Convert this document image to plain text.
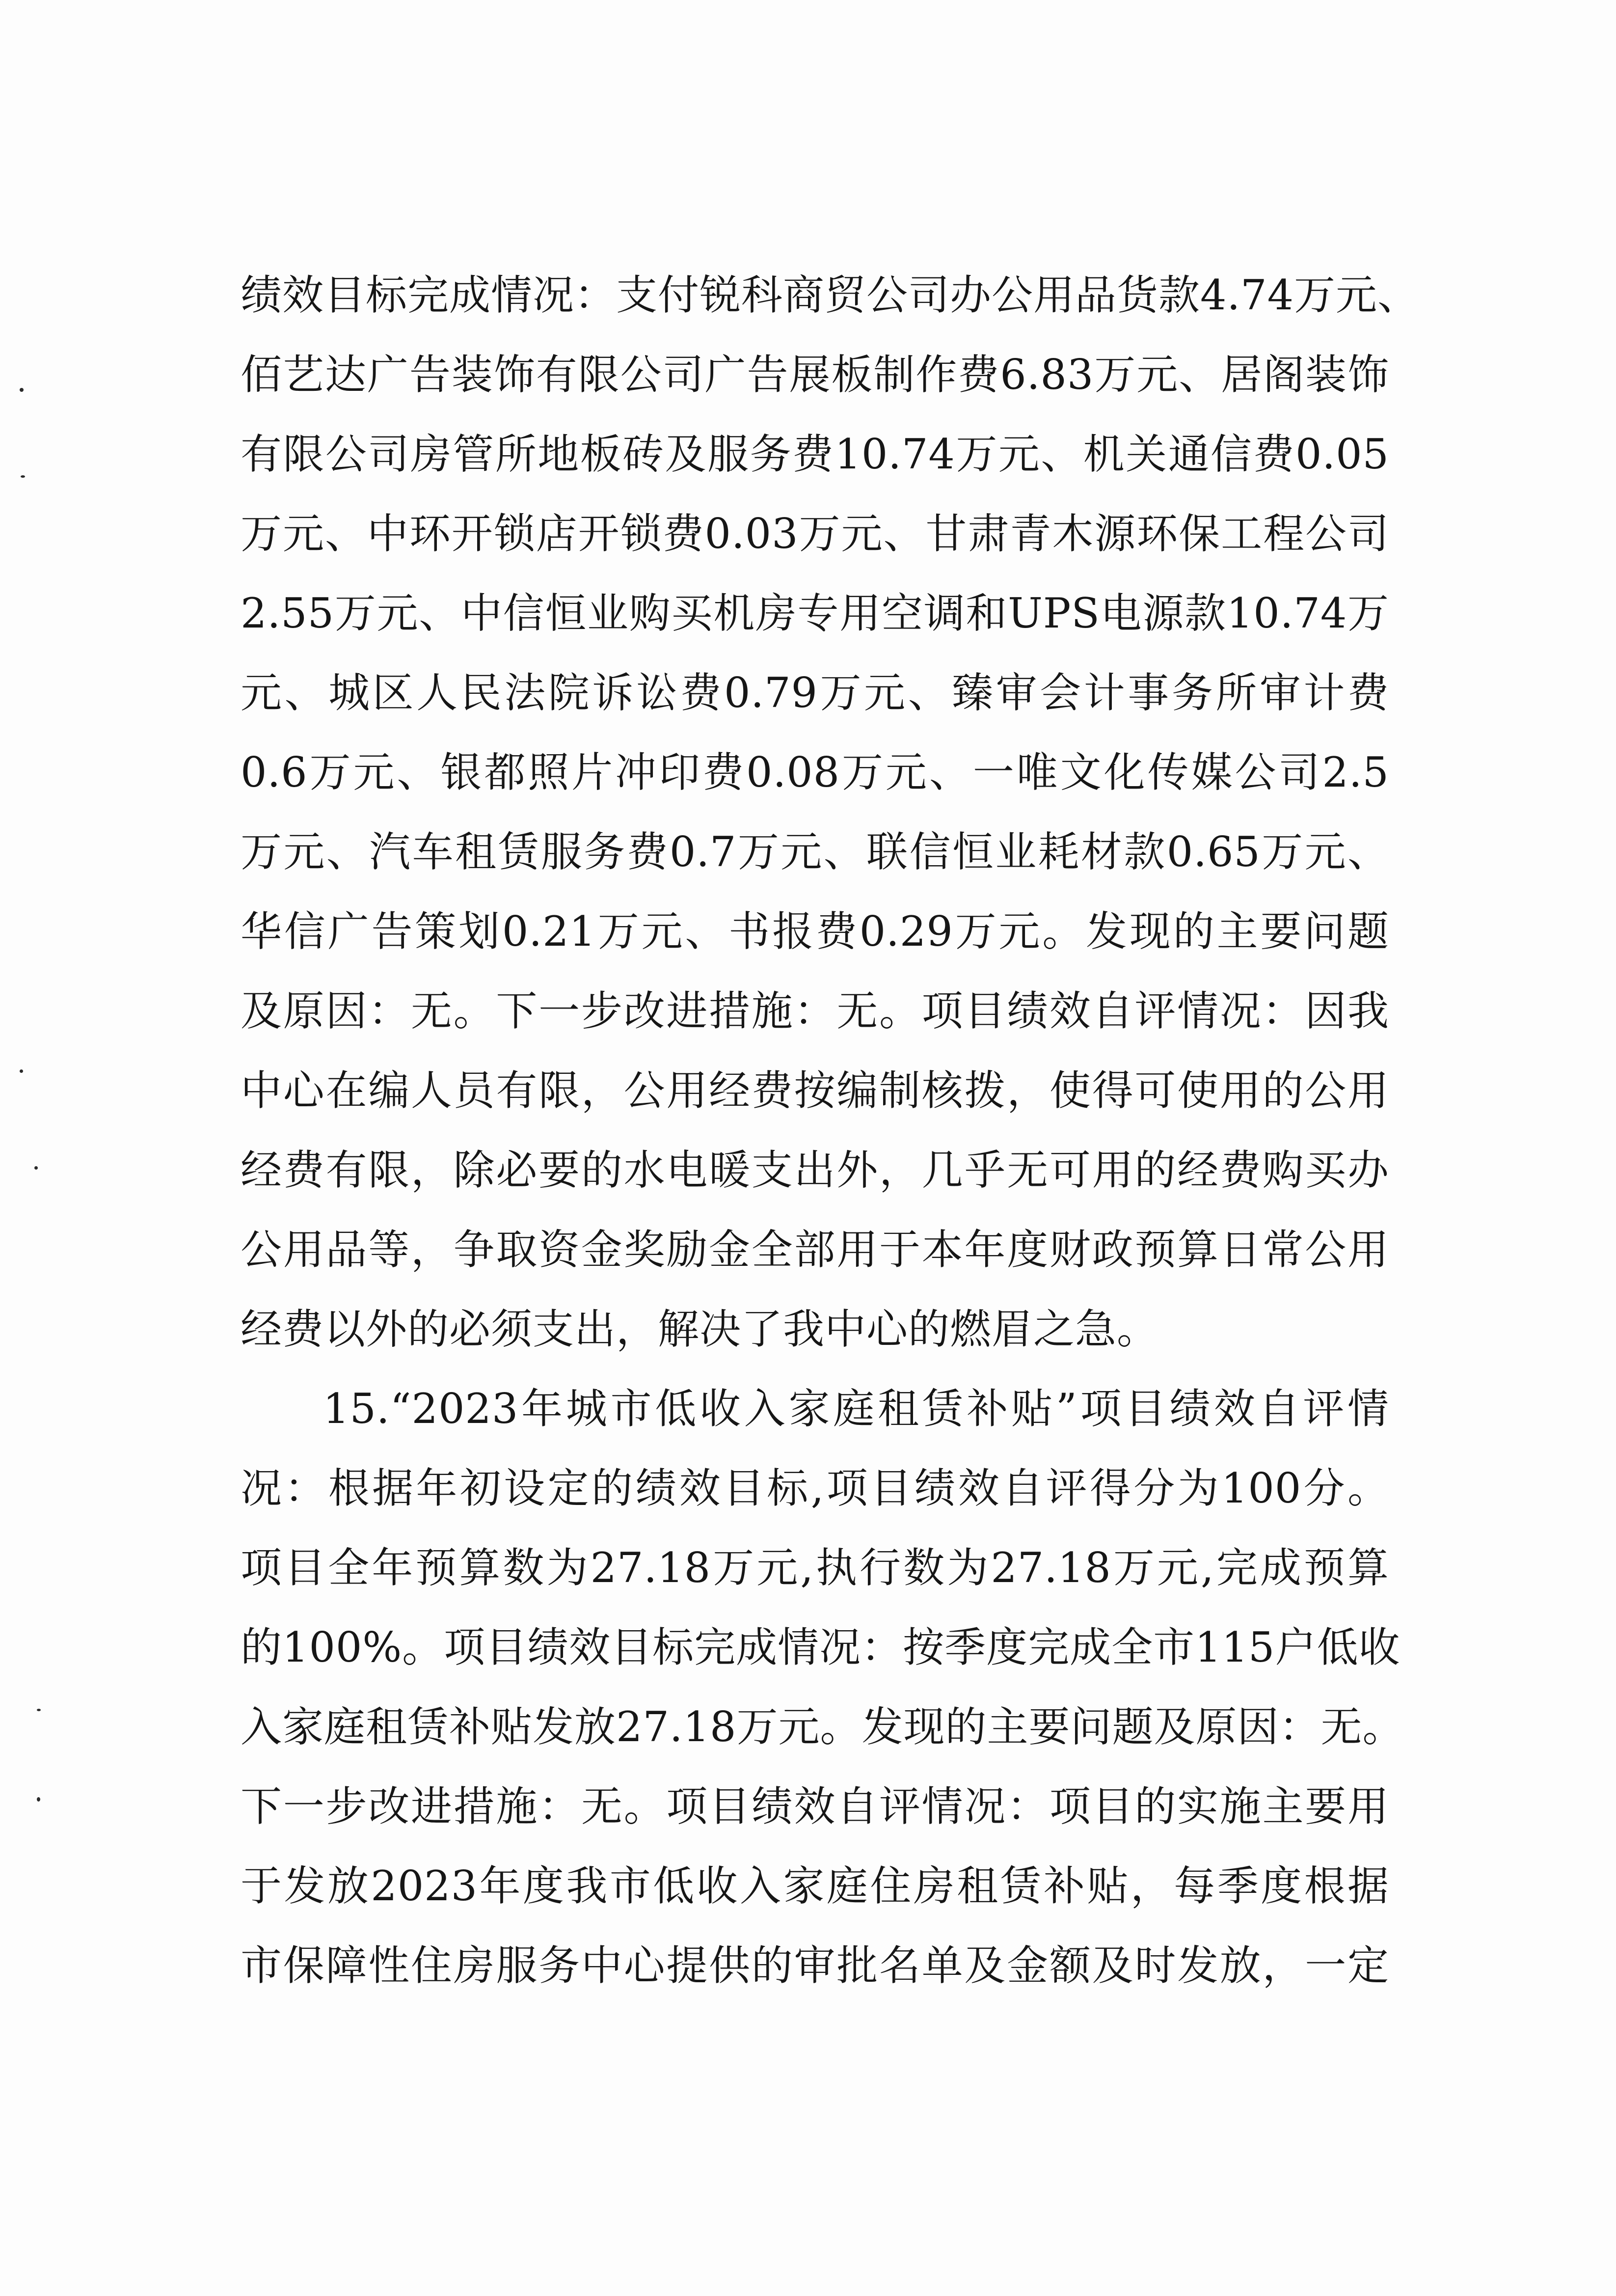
绩效目标完成情况：支付锐科商贸公司办公用品货款4.74万元、
佰艺达广告装饰有限公司广告展板制作费6.83万元、居阁装饰
有限公司房管所地板砖及服务费10.74万元、机关通信费0.05
万元、中环开锁店开锁费0.03万元、甘肃青木源环保工程公司
2.55万元、中信恒业购买机房专用空调和UPS电源款10.74万
元、城区人民法院诉讼费0.79万元、臻审会计事务所审计费
0.6万元、银都照片冲印费0.08万元、一唯文化传媒公司2.5
万元、汽车租赁服务费0.7万元、联信恒业耗材款0.65万元、
华信广告策划0.21万元、书报费0.29万元。发现的主要问题
及原因：无。下一步改进措施：无。项目绩效自评情况：因我
中心在编人员有限，公用经费按编制核拨，使得可使用的公用
经费有限，除必要的水电暖支出外，几乎无可用的经费购买办
公用品等，争取资金奖励金全部用于本年度财政预算日常公用
经费以外的必须支出，解决了我中心的燃眉之急。
15.“2023年城市低收入家庭租赁补贴”项目绩效自评情
况：根据年初设定的绩效目标,项目绩效自评得分为100分。
项目全年预算数为27.18万元,执行数为27.18万元,完成预算
的100%。项目绩效目标完成情况：按季度完成全市115户低收
入家庭租赁补贴发放27.18万元。发现的主要问题及原因：无。
下一步改进措施：无。项目绩效自评情况：项目的实施主要用
于发放2023年度我市低收入家庭住房租赁补贴，每季度根据
市保障性住房服务中心提供的审批名单及金额及时发放，一定
